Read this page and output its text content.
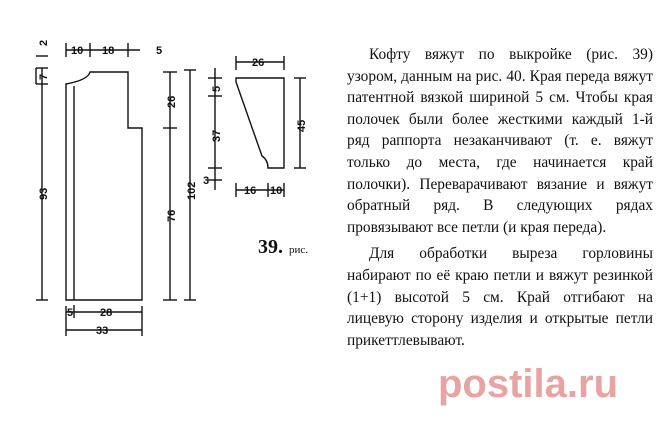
2
7
93
10 18	5
26
76
102
5 28
33
26
5
37
45
3
16 10
39. рис.

Кофту вяжут по выкройке (рис. 39) узором, данным на рис. 40. Края переда вяжут патентной вязкой шириной 5 см. Чтобы края полочек были более жесткими каждый 1-й ряд раппорта незаканчивают (т. е. вяжут только до места, где начинается край полочки). Переварачивают вязание и вяжут обратный ряд. В следующих рядах провязывают все петли (и края переда).

Для обработки выреза горловины набирают по её краю петли и вяжут резинкой (1+1) высотой 5 см. Край отгибают на лицевую сторону изделия и открытые петли прикеттлевывают.

postila.ru
